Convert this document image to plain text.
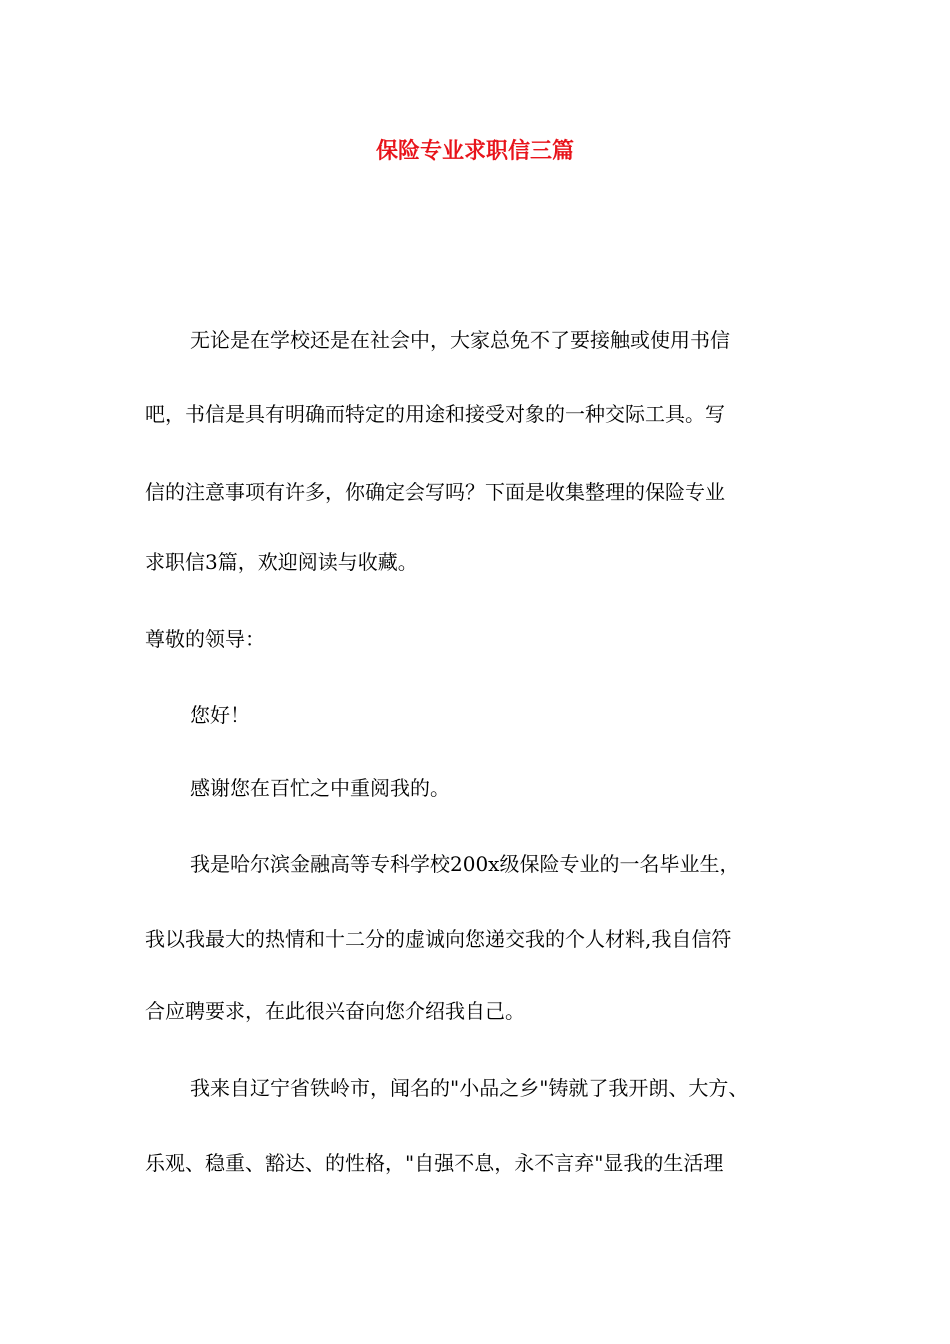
保险专业求职信三篇

无论是在学校还是在社会中，大家总免不了要接触或使用书信

吧，书信是具有明确而特定的用途和接受对象的一种交际工具。写

信的注意事项有许多，你确定会写吗？下面是收集整理的保险专业

求职信3篇，欢迎阅读与收藏。

尊敬的领导：

您好！

感谢您在百忙之中重阅我的。

我是哈尔滨金融高等专科学校200x级保险专业的一名毕业生，

我以我最大的热情和十二分的虚诚向您递交我的个人材料,我自信符

合应聘要求，在此很兴奋向您介绍我自己。

我来自辽宁省铁岭市，闻名的"小品之乡"铸就了我开朗、大方、

乐观、稳重、豁达、的性格，"自强不息，永不言弃"显我的生活理
